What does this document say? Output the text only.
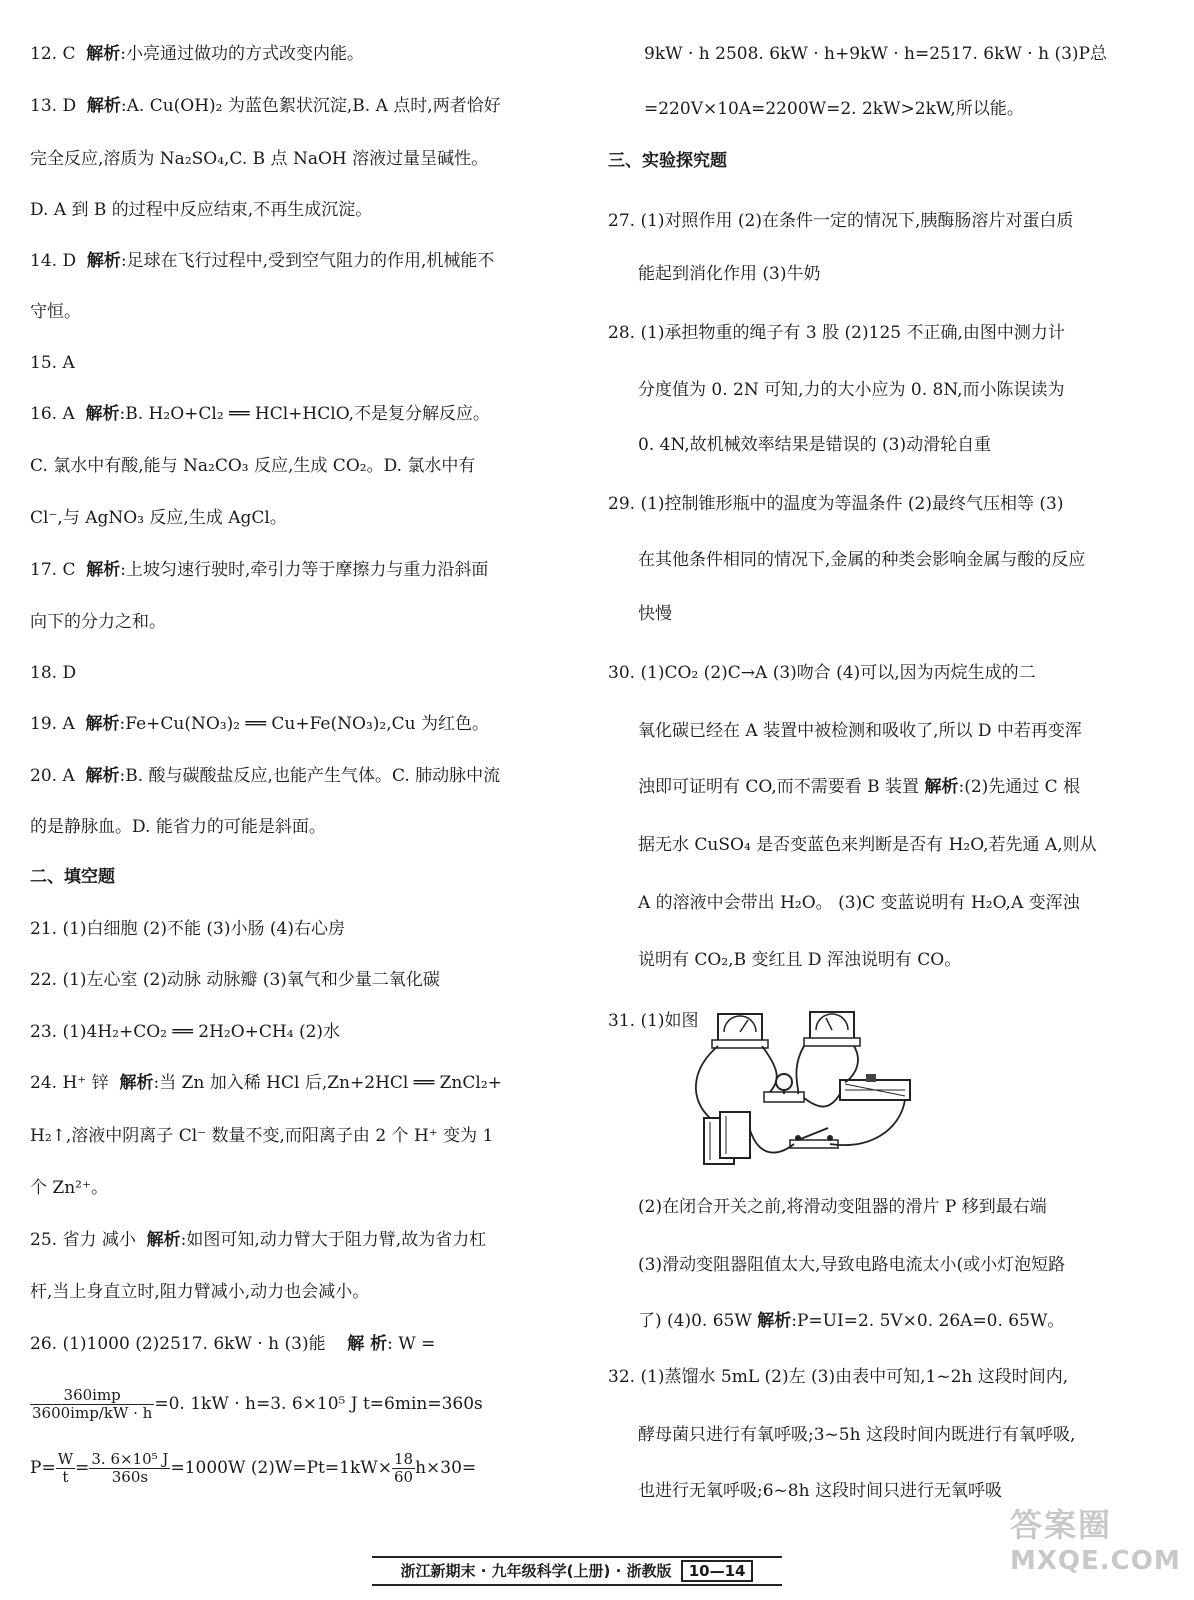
12. C 解析:小亮通过做功的方式改变内能。
13. D 解析:A. Cu(OH)₂ 为蓝色絮状沉淀,B. A 点时,两者恰好
完全反应,溶质为 Na₂SO₄,C. B 点 NaOH 溶液过量呈碱性。
D. A 到 B 的过程中反应结束,不再生成沉淀。
14. D 解析:足球在飞行过程中,受到空气阻力的作用,机械能不
守恒。
15. A
16. A 解析:B. H₂O+Cl₂ ══ HCl+HClO,不是复分解反应。
C. 氯水中有酸,能与 Na₂CO₃ 反应,生成 CO₂。D. 氯水中有
Cl⁻,与 AgNO₃ 反应,生成 AgCl。
17. C 解析:上坡匀速行驶时,牵引力等于摩擦力与重力沿斜面
向下的分力之和。
18. D
19. A 解析:Fe+Cu(NO₃)₂ ══ Cu+Fe(NO₃)₂,Cu 为红色。
20. A 解析:B. 酸与碳酸盐反应,也能产生气体。C. 肺动脉中流
的是静脉血。D. 能省力的可能是斜面。
二、填空题
21. (1)白细胞 (2)不能 (3)小肠 (4)右心房
22. (1)左心室 (2)动脉 动脉瓣 (3)氧气和少量二氧化碳
23. (1)4H₂+CO₂ ══ 2H₂O+CH₄ (2)水
24. H⁺ 锌 解析:当 Zn 加入稀 HCl 后,Zn+2HCl ══ ZnCl₂+
H₂↑,溶液中阴离子 Cl⁻ 数量不变,而阳离子由 2 个 H⁺ 变为 1
个 Zn²⁺。
25. 省力 减小 解析:如图可知,动力臂大于阻力臂,故为省力杠
杆,当上身直立时,阻力臂减小,动力也会减小。
26. (1)1000 (2)2517. 6kW · h (3)能 解 析: W =
$\frac{\text{360imp}}{\text{3600imp/kW · h}} =0$. 1kW · h=3. 6×10⁵ J t=6min=360s
$P= \frac{W}{t} = \frac{\text{3. 6×10⁵ J}}{360s} =1000W$ $(2)W=Pt=1kW\times \frac{18}{60} h\times 30=$
9kW · h 2508. 6kW · h+9kW · h=2517. 6kW · h (3)P总
=220V×10A=2200W=2. 2kW>2kW,所以能。
三、实验探究题
27. (1)对照作用 (2)在条件一定的情况下,胰酶肠溶片对蛋白质
能起到消化作用 (3)牛奶
28. (1)承担物重的绳子有 3 股 (2)125 不正确,由图中测力计
分度值为 0. 2N 可知,力的大小应为 0. 8N,而小陈误读为
0. 4N,故机械效率结果是错误的 (3)动滑轮自重
29. (1)控制锥形瓶中的温度为等温条件 (2)最终气压相等 (3)
在其他条件相同的情况下,金属的种类会影响金属与酸的反应
快慢
30. (1)CO₂ (2)C→A (3)吻合 (4)可以,因为丙烷生成的二
氧化碳已经在 A 装置中被检测和吸收了,所以 D 中若再变浑
浊即可证明有 CO,而不需要看 B 装置 解析:(2)先通过 C 根
据无水 CuSO₄ 是否变蓝色来判断是否有 H₂O,若先通 A,则从
A 的溶液中会带出 H₂O。 (3)C 变蓝说明有 H₂O,A 变浑浊
说明有 CO₂,B 变红且 D 浑浊说明有 CO。
31. (1)如图
(2)在闭合开关之前,将滑动变阻器的滑片 P 移到最右端
(3)滑动变阻器阻值太大,导致电路电流太小(或小灯泡短路
了) (4)0. 65W 解析:P=UI=2. 5V×0. 26A=0. 65W。
32. (1)蒸馏水 5mL (2)左 (3)由表中可知,1~2h 这段时间内,
酵母菌只进行有氧呼吸;3~5h 这段时间内既进行有氧呼吸,
也进行无氧呼吸;6~8h 这段时间只进行无氧呼吸
浙江新期末 · 九年级科学(上册) · 浙教版 10—14
答案圈
MXQE.COM
